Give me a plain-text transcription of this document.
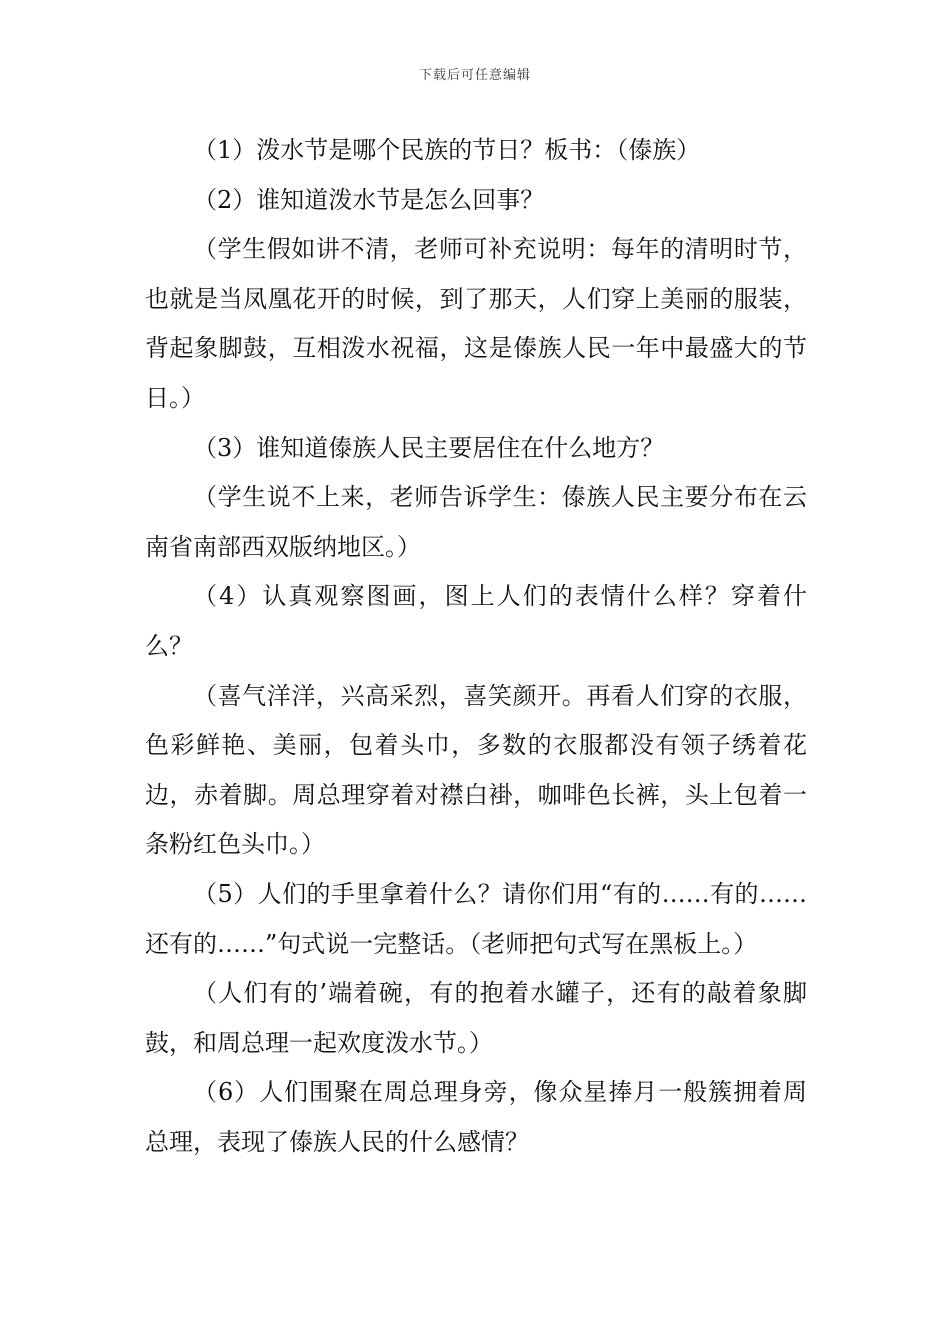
下载后可任意编辑

（1）泼水节是哪个民族的节日？板书：（傣族）

（2）谁知道泼水节是怎么回事？

（学生假如讲不清，老师可补充说明：每年的清明时节，也就是当凤凰花开的时候，到了那天，人们穿上美丽的服装，背起象脚鼓，互相泼水祝福，这是傣族人民一年中最盛大的节日。）

（3）谁知道傣族人民主要居住在什么地方？

（学生说不上来，老师告诉学生：傣族人民主要分布在云南省南部西双版纳地区。）

（4）认真观察图画，图上人们的表情什么样？穿着什么？

（喜气洋洋，兴高采烈，喜笑颜开。再看人们穿的衣服，色彩鲜艳、美丽，包着头巾，多数的衣服都没有领子绣着花边，赤着脚。周总理穿着对襟白褂，咖啡色长裤，头上包着一条粉红色头巾。）

（5）人们的手里拿着什么？请你们用“有的……有的……还有的……”句式说一完整话。（老师把句式写在黑板上。）

（人们有的’端着碗，有的抱着水罐子，还有的敲着象脚鼓，和周总理一起欢度泼水节。）

（6）人们围聚在周总理身旁，像众星捧月一般簇拥着周总理，表现了傣族人民的什么感情？
